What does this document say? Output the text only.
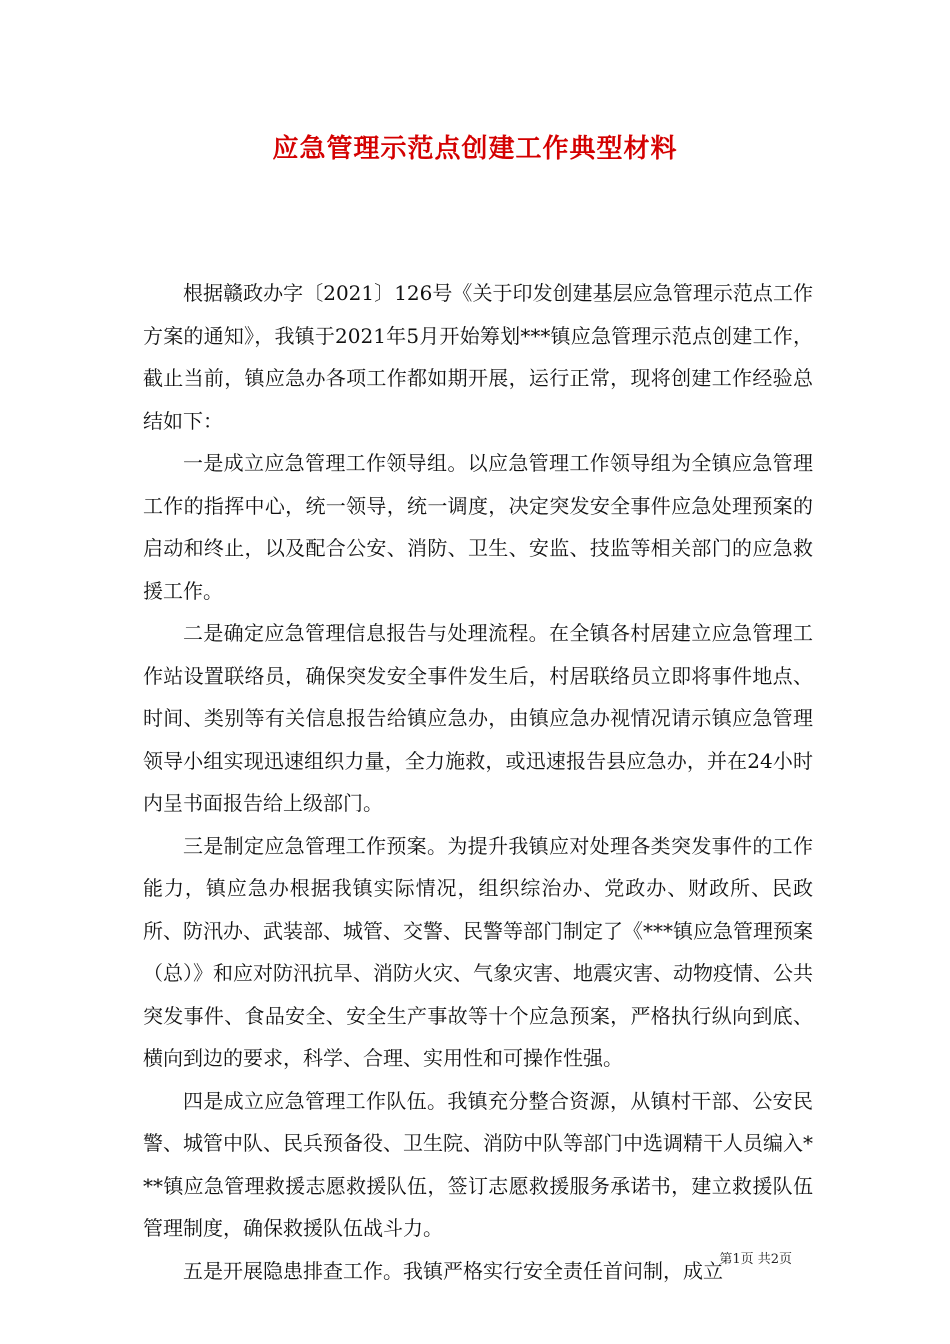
应急管理示范点创建工作典型材料

根据赣政办字〔2021〕126号《关于印发创建基层应急管理示范点工作方案的通知》，我镇于2021年5月开始筹划***镇应急管理示范点创建工作，截止当前，镇应急办各项工作都如期开展，运行正常，现将创建工作经验总结如下：

一是成立应急管理工作领导组。以应急管理工作领导组为全镇应急管理工作的指挥中心，统一领导，统一调度，决定突发安全事件应急处理预案的启动和终止，以及配合公安、消防、卫生、安监、技监等相关部门的应急救援工作。

二是确定应急管理信息报告与处理流程。在全镇各村居建立应急管理工作站设置联络员，确保突发安全事件发生后，村居联络员立即将事件地点、时间、类别等有关信息报告给镇应急办，由镇应急办视情况请示镇应急管理领导小组实现迅速组织力量，全力施救，或迅速报告县应急办，并在24小时内呈书面报告给上级部门。

三是制定应急管理工作预案。为提升我镇应对处理各类突发事件的工作能力，镇应急办根据我镇实际情况，组织综治办、党政办、财政所、民政所、防汛办、武装部、城管、交警、民警等部门制定了《***镇应急管理预案（总）》和应对防汛抗旱、消防火灾、气象灾害、地震灾害、动物疫情、公共突发事件、食品安全、安全生产事故等十个应急预案，严格执行纵向到底、横向到边的要求，科学、合理、实用性和可操作性强。

四是成立应急管理工作队伍。我镇充分整合资源，从镇村干部、公安民警、城管中队、民兵预备役、卫生院、消防中队等部门中选调精干人员编入***镇应急管理救援志愿救援队伍，签订志愿救援服务承诺书，建立救援队伍管理制度，确保救援队伍战斗力。

五是开展隐患排查工作。我镇严格实行安全责任首问制，成立

第1页 共2页
